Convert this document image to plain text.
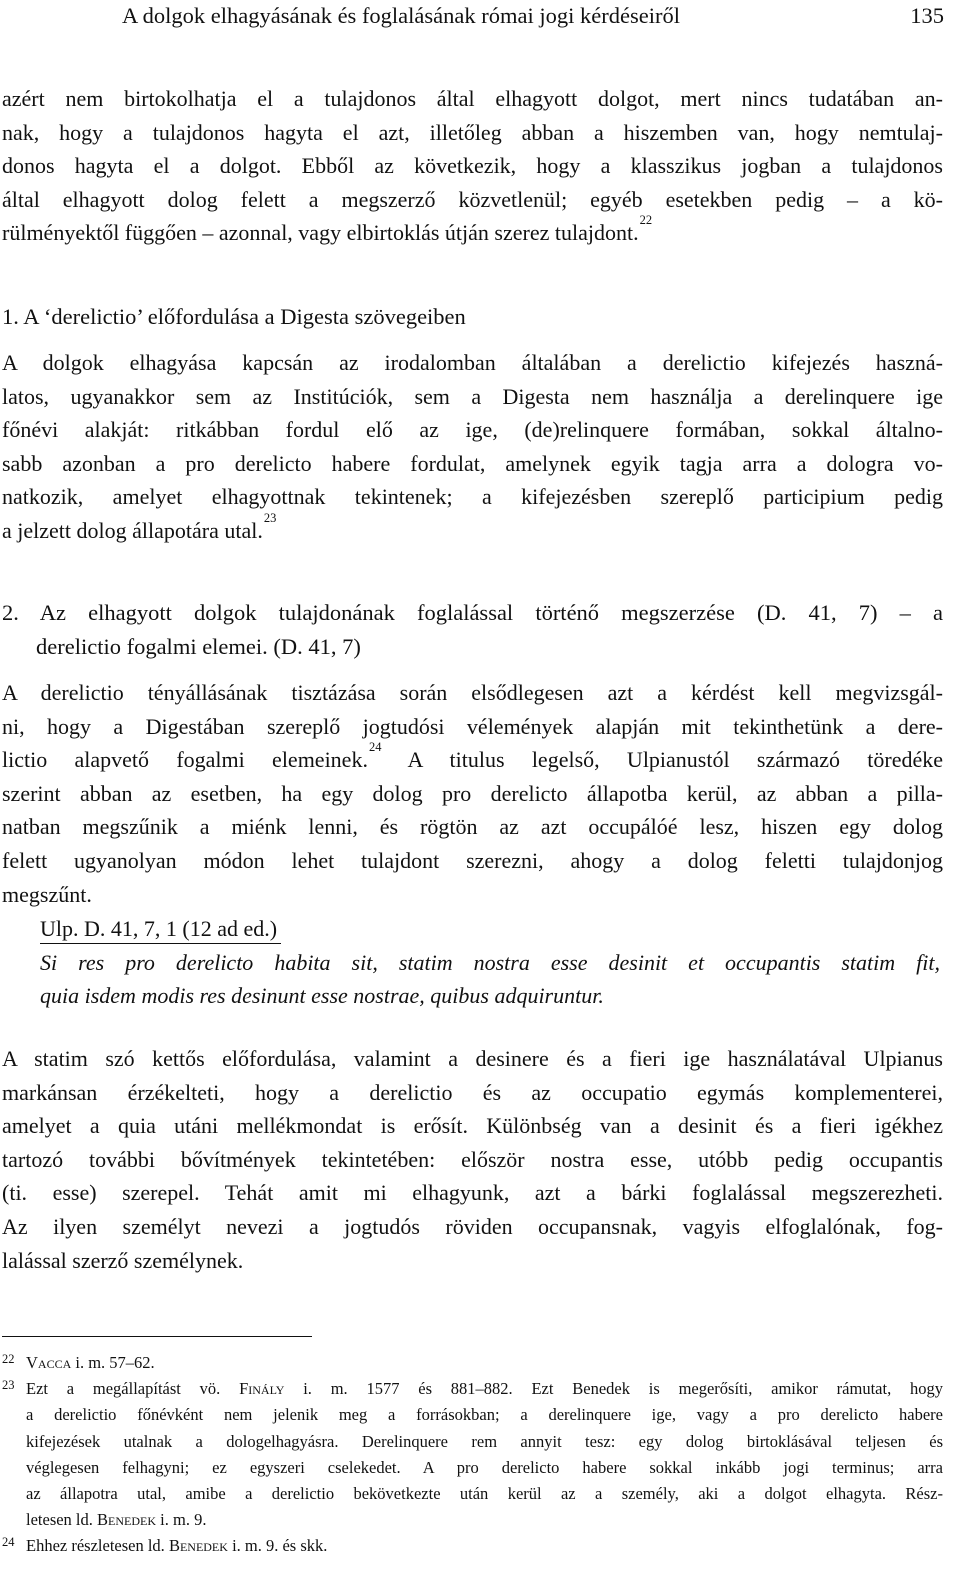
A dolgok elhagyásának és foglalásának római jogi kérdéseiről	135
azért nem birtokolhatja el a tulajdonos által elhagyott dolgot, mert nincs tudatában an-
nak, hogy a tulajdonos hagyta el azt, illetőleg abban a hiszemben van, hogy nemtulaj-
donos hagyta el a dolgot. Ebből az következik, hogy a klasszikus jogban a tulajdonos
által elhagyott dolog felett a megszerző közvetlenül; egyéb esetekben pedig – a kö-
rülményektől függően – azonnal, vagy elbirtoklás útján szerez tulajdont.$^{22}$
1. A ‘derelictio’ előfordulása a Digesta szövegeiben
A dolgok elhagyása kapcsán az irodalomban általában a derelictio kifejezés haszná-
latos, ugyanakkor sem az Institúciók, sem a Digesta nem használja a derelinquere ige
főnévi alakját: ritkábban fordul elő az ige, (de)relinquere formában, sokkal általno-
sabb azonban a pro derelicto habere fordulat, amelynek egyik tagja arra a dologra vo-
natkozik, amelyet elhagyottnak tekintenek; a kifejezésben szereplő participium pedig
a jelzett dolog állapotára utal.$^{23}$
2. Az elhagyott dolgok tulajdonának foglalással történő megszerzése (D. 41, 7) – a
derelictio fogalmi elemei. (D. 41, 7)
A derelictio tényállásának tisztázása során elsődlegesen azt a kérdést kell megvizsgál-
ni, hogy a Digestában szereplő jogtudósi vélemények alapján mit tekinthetünk a dere-
lictio alapvető fogalmi elemeinek.$^{24}$ A titulus legelső, Ulpianustól származó töredéke
szerint abban az esetben, ha egy dolog pro derelicto állapotba kerül, az abban a pilla-
natban megszűnik a miénk lenni, és rögtön az azt occupálóé lesz, hiszen egy dolog
felett ugyanolyan módon lehet tulajdont szerezni, ahogy a dolog feletti tulajdonjog
megszűnt.
Ulp. D. 41, 7, 1 (12 ad ed.)
Si res pro derelicto habita sit, statim nostra esse desinit et occupantis statim fit,
quia isdem modis res desinunt esse nostrae, quibus adquiruntur.
A statim szó kettős előfordulása, valamint a desinere és a fieri ige használatával Ulpianus
markánsan érzékelteti, hogy a derelictio és az occupatio egymás komplementerei,
amelyet a quia utáni mellékmondat is erősít. Különbség van a desinit és a fieri igékhez
tartozó további bővítmények tekintetében: először nostra esse, utóbb pedig occupantis
(ti. esse) szerepel. Tehát amit mi elhagyunk, azt a bárki foglalással megszerezheti.
Az ilyen személyt nevezi a jogtudós röviden occupansnak, vagyis elfoglalónak, fog-
lalással szerző személynek.
22 Vacca i. m. 57–62.
23 Ezt a megállapítást vö. Finály i. m. 1577 és 881–882. Ezt Benedek is megerősíti, amikor rámutat, hogy
a derelictio főnévként nem jelenik meg a forrásokban; a derelinquere ige, vagy a pro derelicto habere
kifejezések utalnak a dologelhagyásra. Derelinquere rem annyit tesz: egy dolog birtoklásával teljesen és
véglegesen felhagyni; ez egyszeri cselekedet. A pro derelicto habere sokkal inkább jogi terminus; arra
az állapotra utal, amibe a derelictio bekövetkezte után kerül az a személy, aki a dolgot elhagyta. Rész-
letesen ld. Benedek i. m. 9.
24 Ehhez részletesen ld. Benedek i. m. 9. és skk.
